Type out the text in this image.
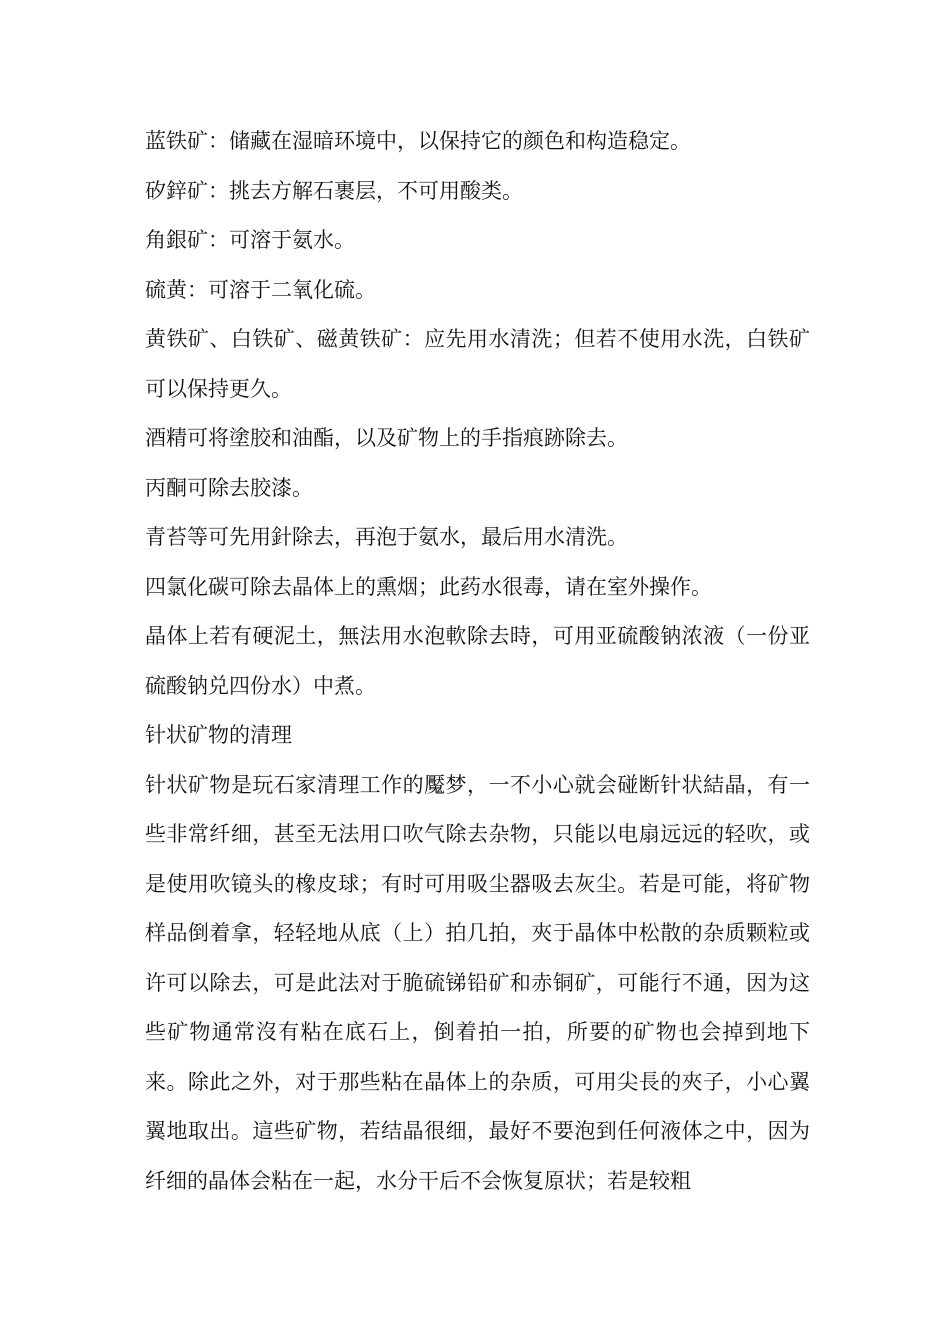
蓝铁矿：储藏在湿暗环境中，以保持它的颜色和构造稳定。

矽鋅矿：挑去方解石裹层，不可用酸类。

角銀矿：可溶于氨水。

硫黄：可溶于二氧化硫。

黄铁矿、白铁矿、磁黄铁矿：应先用水清洗；但若不使用水洗，白铁矿可以保持更久。

酒精可将塗胶和油酯，以及矿物上的手指痕跡除去。

丙酮可除去胶漆。

青苔等可先用針除去，再泡于氨水，最后用水清洗。

四氯化碳可除去晶体上的熏烟；此药水很毒，请在室外操作。

晶体上若有硬泥土，無法用水泡軟除去時，可用亚硫酸钠浓液（一份亚硫酸钠兑四份水）中煮。

针状矿物的清理

针状矿物是玩石家清理工作的魘梦，一不小心就会碰断针状結晶，有一些非常纤细，甚至无法用口吹气除去杂物，只能以电扇远远的轻吹，或是使用吹镜头的橡皮球；有时可用吸尘器吸去灰尘。若是可能，将矿物样品倒着拿，轻轻地从底（上）拍几拍，夾于晶体中松散的杂质颗粒或许可以除去，可是此法对于脆硫锑铅矿和赤铜矿，可能行不通，因为这些矿物通常沒有粘在底石上，倒着拍一拍，所要的矿物也会掉到地下来。除此之外，对于那些粘在晶体上的杂质，可用尖長的夾子，小心翼翼地取出。這些矿物，若结晶很细，最好不要泡到任何液体之中，因为纤细的晶体会粘在一起，水分干后不会恢复原状；若是较粗
